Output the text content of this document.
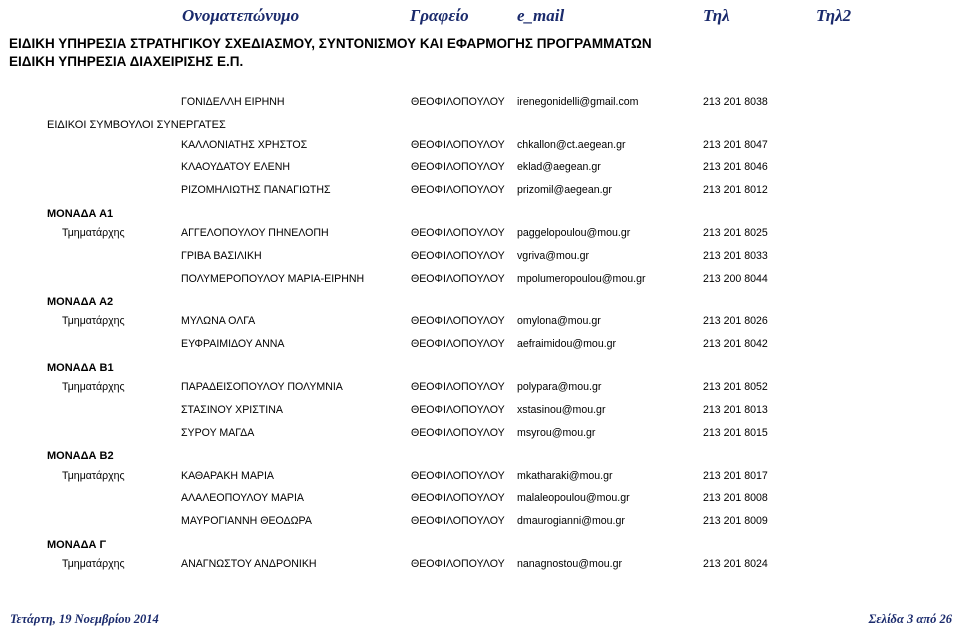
Ονοματεπώνυμο	Γραφείο	e_mail	Τηλ	Τηλ2
ΕΙΔΙΚΗ ΥΠΗΡΕΣΙΑ ΣΤΡΑΤΗΓΙΚΟΥ ΣΧΕΔΙΑΣΜΟΥ, ΣΥΝΤΟΝΙΣΜΟΥ ΚΑΙ ΕΦΑΡΜΟΓΗΣ ΠΡΟΓΡΑΜΜΑΤΩΝ
ΕΙΔΙΚΗ ΥΠΗΡΕΣΙΑ ΔΙΑΧΕΙΡΙΣΗΣ Ε.Π.
ΕΙΔΙΚΟΙ ΣΥΜΒΟΥΛΟΙ ΣΥΝΕΡΓΑΤΕΣ
ΜΟΝΑΔΑ Α1
ΜΟΝΑΔΑ Α2
ΜΟΝΑΔΑ Β1
ΜΟΝΑΔΑ Β2
ΜΟΝΑΔΑ Γ
ΓΟΝΙΔΕΛΛΗ ΕΙΡΗΝΗ	ΘΕΟΦΙΛΟΠΟΥΛΟΥ irenegonidelli@gmail.com	213 201 8038
ΚΑΛΛΟΝΙΑΤΗΣ ΧΡΗΣΤΟΣ	ΘΕΟΦΙΛΟΠΟΥΛΟΥ chkallon@ct.aegean.gr	213 201 8047
ΚΛΑΟΥΔΑΤΟΥ ΕΛΕΝΗ	ΘΕΟΦΙΛΟΠΟΥΛΟΥ eklad@aegean.gr	213 201 8046
ΡΙΖΟΜΗΛΙΩΤΗΣ ΠΑΝΑΓΙΩΤΗΣ	ΘΕΟΦΙΛΟΠΟΥΛΟΥ prizomil@aegean.gr	213 201 8012
Τμηματάρχης	ΑΓΓΕΛΟΠΟΥΛΟΥ ΠΗΝΕΛΟΠΗ	ΘΕΟΦΙΛΟΠΟΥΛΟΥ paggelopoulou@mou.gr	213 201 8025
ΓΡΙΒΑ ΒΑΣΙΛΙΚΗ	ΘΕΟΦΙΛΟΠΟΥΛΟΥ vgriva@mou.gr	213 201 8033
ΠΟΛΥΜΕΡΟΠΟΥΛΟΥ ΜΑΡΙΑ-ΕΙΡΗΝΗ	ΘΕΟΦΙΛΟΠΟΥΛΟΥ mpolumeropoulou@mou.gr	213 200 8044
Τμηματάρχης	ΜΥΛΩΝΑ ΟΛΓΑ	ΘΕΟΦΙΛΟΠΟΥΛΟΥ omylona@mou.gr	213 201 8026
ΕΥΦΡΑΙΜΙΔΟΥ ΑΝΝΑ	ΘΕΟΦΙΛΟΠΟΥΛΟΥ aefraimidou@mou.gr	213 201 8042
Τμηματάρχης	ΠΑΡΑΔΕΙΣΟΠΟΥΛΟΥ ΠΟΛΥΜΝΙΑ	ΘΕΟΦΙΛΟΠΟΥΛΟΥ polypara@mou.gr	213 201 8052
ΣΤΑΣΙΝΟΥ ΧΡΙΣΤΙΝΑ	ΘΕΟΦΙΛΟΠΟΥΛΟΥ xstasinou@mou.gr	213 201 8013
ΣΥΡΟΥ ΜΑΓΔΑ	ΘΕΟΦΙΛΟΠΟΥΛΟΥ msyrou@mou.gr	213 201 8015
Τμηματάρχης	ΚΑΘΑΡΑΚΗ ΜΑΡΙΑ	ΘΕΟΦΙΛΟΠΟΥΛΟΥ mkatharaki@mou.gr	213 201 8017
ΑΛΑΛΕΟΠΟΥΛΟΥ ΜΑΡΙΑ	ΘΕΟΦΙΛΟΠΟΥΛΟΥ malaleopoulou@mou.gr	213 201 8008
ΜΑΥΡΟΓΙΑΝΝΗ ΘΕΟΔΩΡΑ	ΘΕΟΦΙΛΟΠΟΥΛΟΥ dmaurogianni@mou.gr	213 201 8009
Τμηματάρχης	ΑΝΑΓΝΩΣΤΟΥ ΑΝΔΡΟΝΙΚΗ	ΘΕΟΦΙΛΟΠΟΥΛΟΥ nanagnostou@mou.gr	213 201 8024
Τετάρτη, 19 Νοεμβρίου 2014	Σελίδα 3 από 26
